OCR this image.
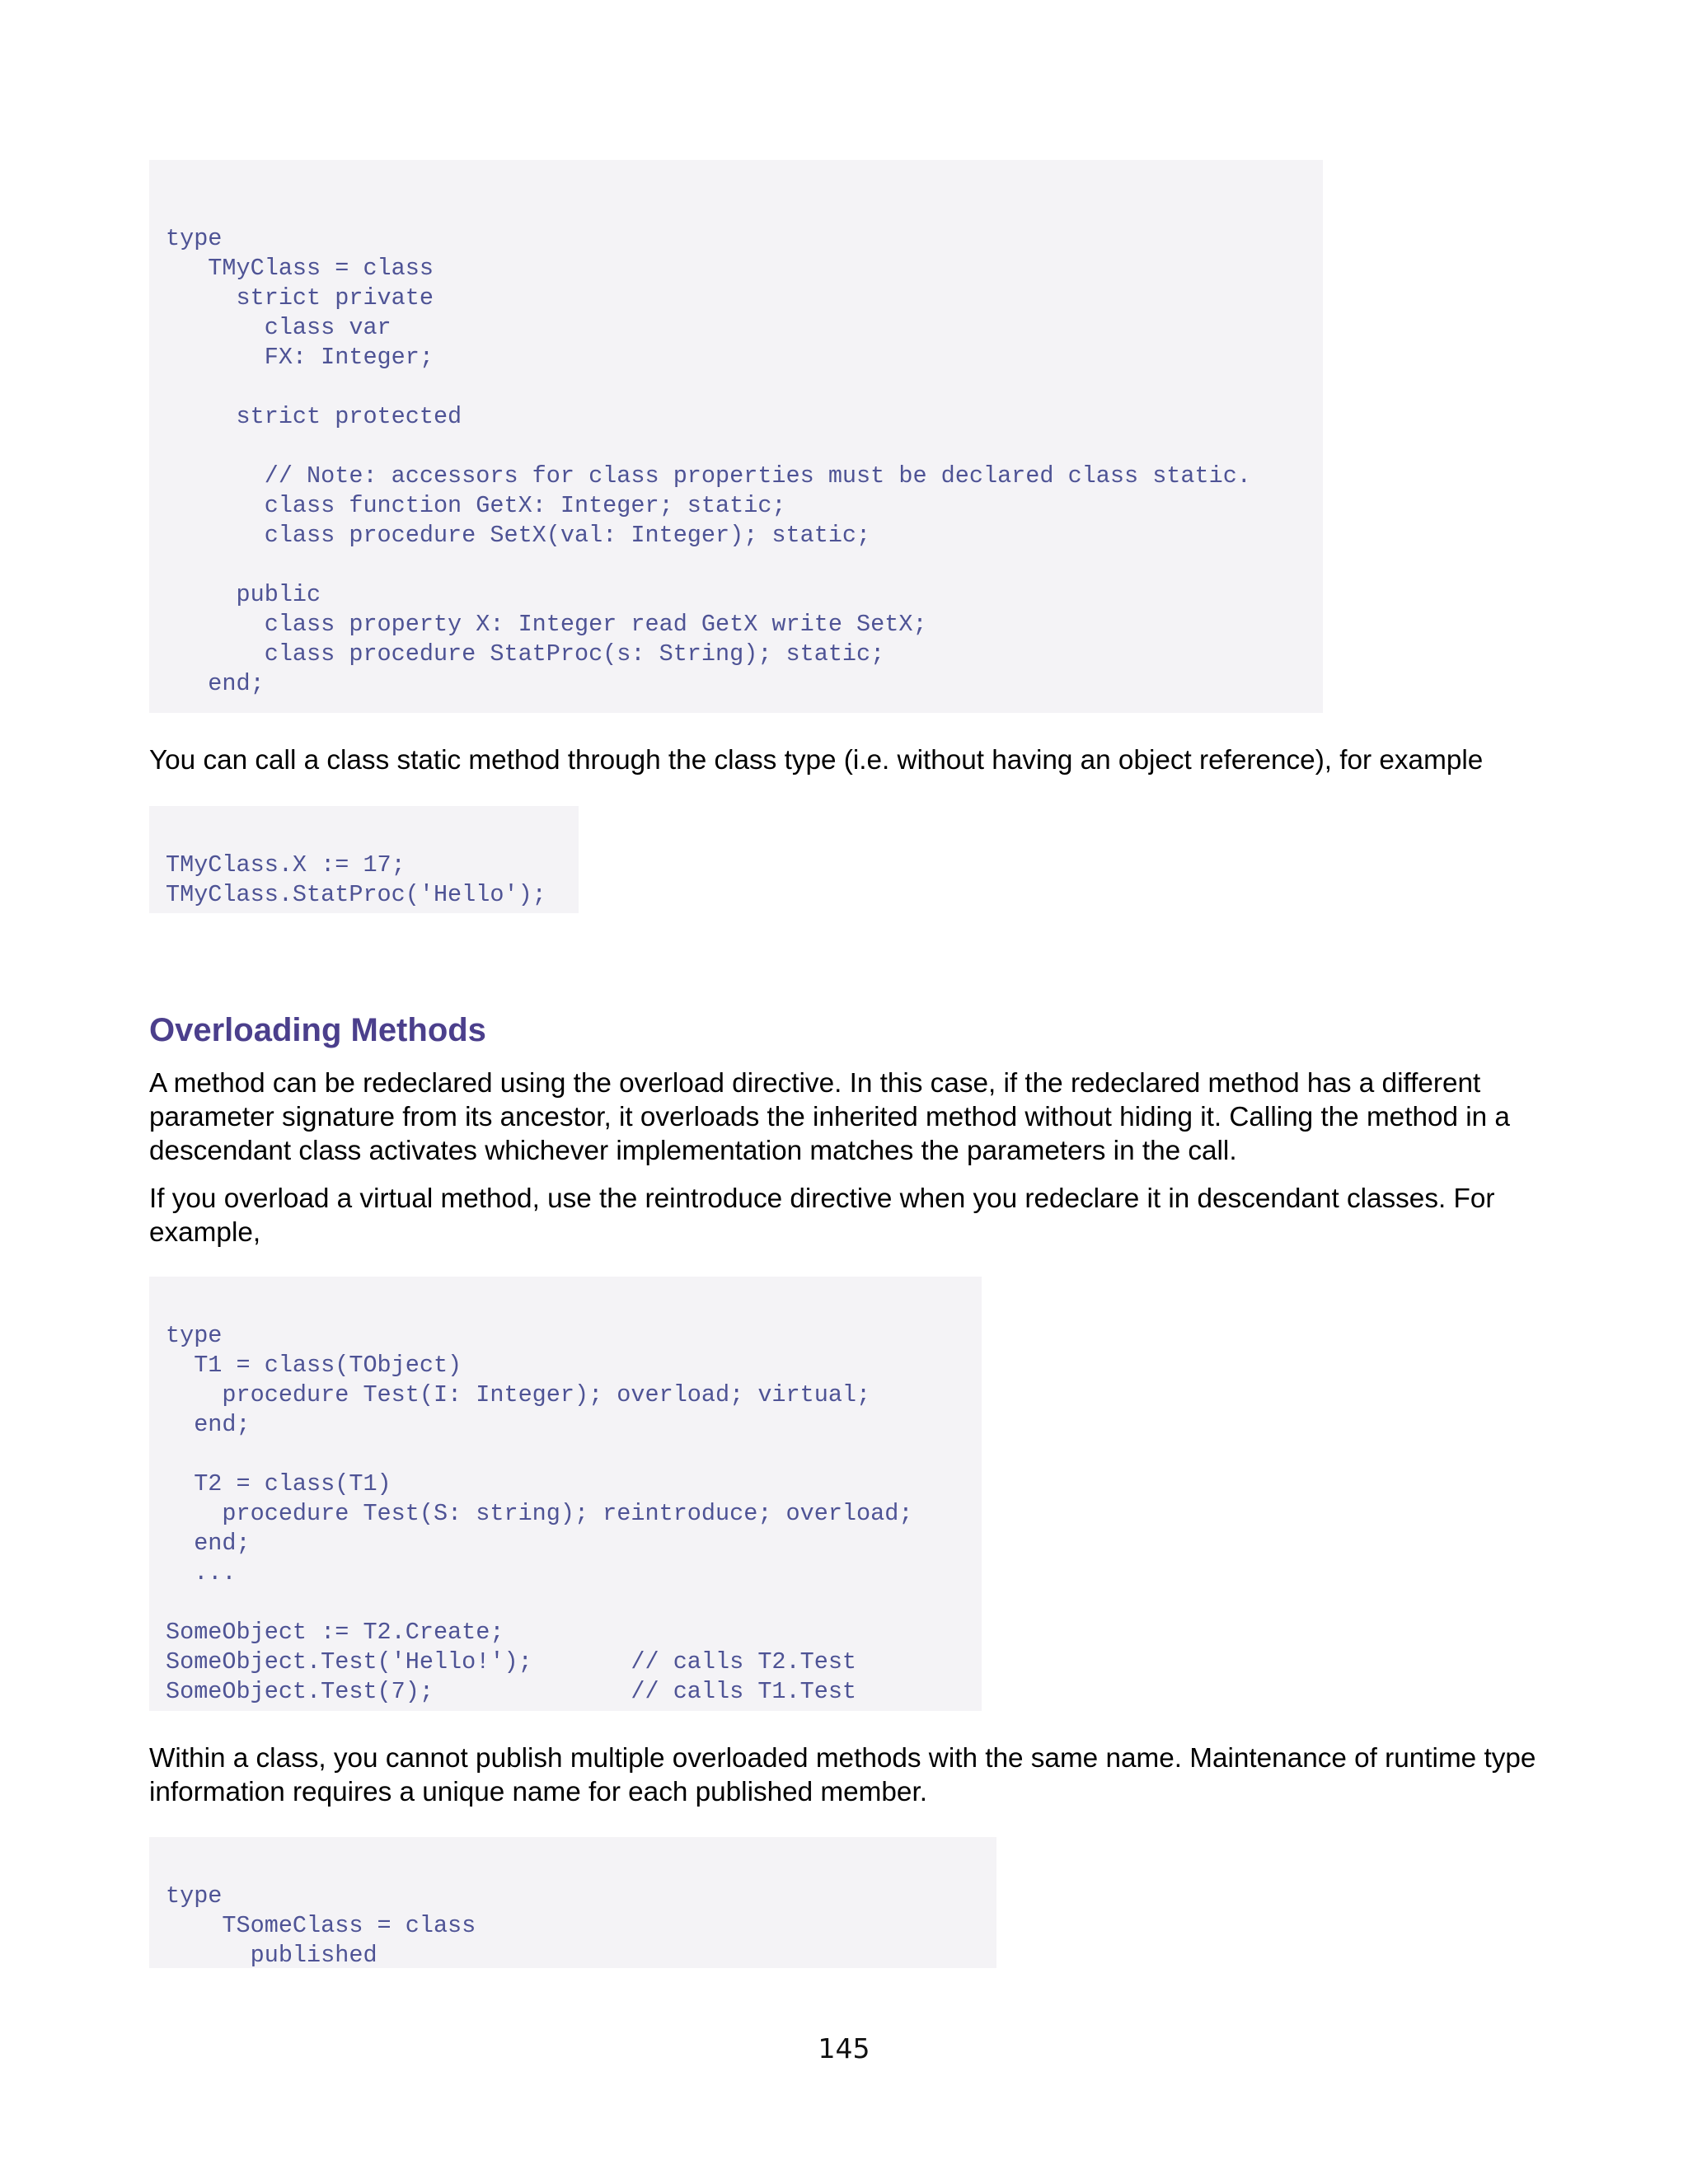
type
TMyClass = class
strict private
class var
FX: Integer;
strict protected
// Note: accessors for class properties must be declared class static.
class function GetX: Integer; static;
class procedure SetX(val: Integer); static;
public
class property X: Integer read GetX write SetX;
class procedure StatProc(s: String); static;
end;

You can call a class static method through the class type (i.e. without having an object reference), for example

TMyClass.X := 17;
TMyClass.StatProc('Hello');
Overloading Methods

A method can be redeclared using the overload directive. In this case, if the redeclared method has a different parameter signature from its ancestor, it overloads the inherited method without hiding it. Calling the method in a descendant class activates whichever implementation matches the parameters in the call.

If you overload a virtual method, use the reintroduce directive when you redeclare it in descendant classes. For example,

type
T1 = class(TObject)
procedure Test(I: Integer); overload; virtual;
end;
T2 = class(T1)
procedure Test(S: string); reintroduce; overload;
end;
...
SomeObject := T2.Create;
SomeObject.Test('Hello!');       // calls T2.Test
SomeObject.Test(7);              // calls T1.Test

Within a class, you cannot publish multiple overloaded methods with the same name. Maintenance of runtime type information requires a unique name for each published member.

type
TSomeClass = class
published
145
